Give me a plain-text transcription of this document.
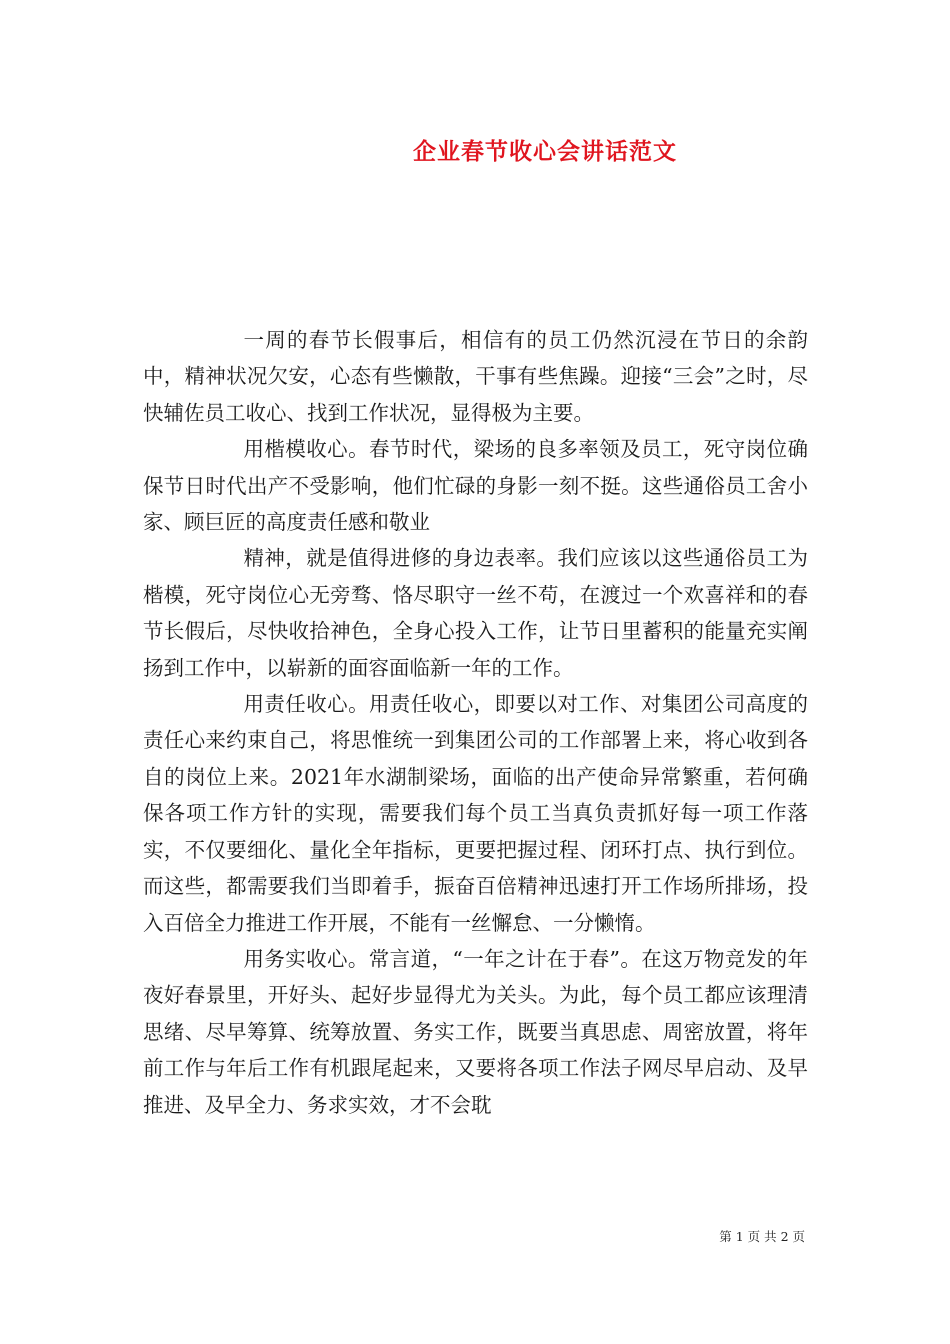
企业春节收心会讲话范文

一周的春节长假事后，相信有的员工仍然沉浸在节日的余韵中，精神状况欠安，心态有些懒散，干事有些焦躁。迎接“三会”之时，尽快辅佐员工收心、找到工作状况，显得极为主要。

用楷模收心。春节时代，梁场的良多率领及员工，死守岗位确保节日时代出产不受影响，他们忙碌的身影一刻不挺。这些通俗员工舍小家、顾巨匠的高度责任感和敬业

精神，就是值得进修的身边表率。我们应该以这些通俗员工为楷模，死守岗位心无旁骛、恪尽职守一丝不苟，在渡过一个欢喜祥和的春节长假后，尽快收拾神色，全身心投入工作，让节日里蓄积的能量充实阐扬到工作中，以崭新的面容面临新一年的工作。

用责任收心。用责任收心，即要以对工作、对集团公司高度的责任心来约束自己，将思惟统一到集团公司的工作部署上来，将心收到各自的岗位上来。2021年水湖制梁场，面临的出产使命异常繁重，若何确保各项工作方针的实现，需要我们每个员工当真负责抓好每一项工作落实，不仅要细化、量化全年指标，更要把握过程、闭环打点、执行到位。而这些，都需要我们当即着手，振奋百倍精神迅速打开工作场所排场，投入百倍全力推进工作开展，不能有一丝懈怠、一分懒惰。

用务实收心。常言道，“一年之计在于春”。在这万物竞发的年夜好春景里，开好头、起好步显得尤为关头。为此，每个员工都应该理清思绪、尽早筹算、统筹放置、务实工作，既要当真思虑、周密放置，将年前工作与年后工作有机跟尾起来，又要将各项工作法子网尽早启动、及早推进、及早全力、务求实效，才不会耽

第 1 页 共 2 页
